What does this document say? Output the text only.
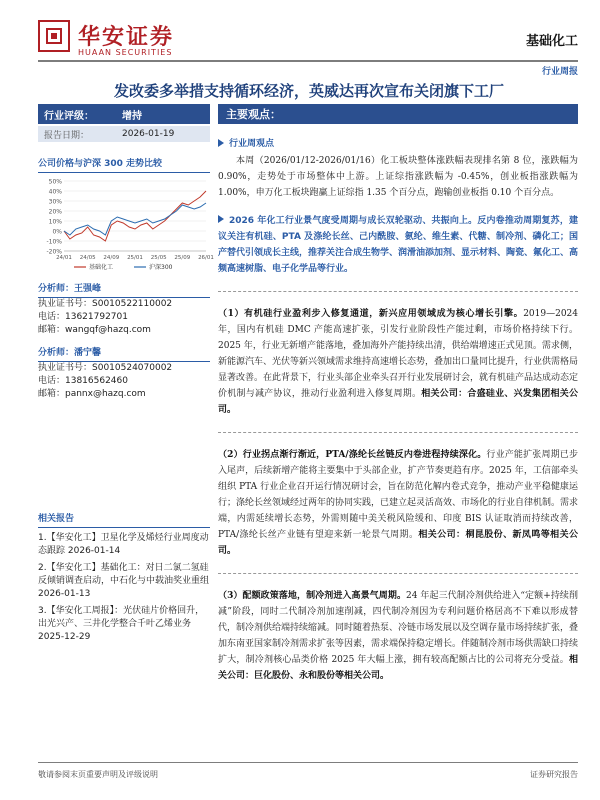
华安证券
HUAAN SECURITIES
基础化工
行业周报
发改委多举措支持循环经济，英威达再次宣布关闭旗下工厂
行业评级：	增持
报告日期：	2026-01-19
公司价格与沪深 300 走势比较
50%
40%
30%
20%
10%
0%
-10%
-20%
24/01 24/05 24/09 25/01 25/05 25/09 26/01
基础化工	沪深300
分析师：王强峰
执业证书号：S0010522110002
电话：13621792701
邮箱：wangqf@hazq.com
分析师：潘宁馨
执业证书号：S0010524070002
电话：13816562460
邮箱：pannx@hazq.com
相关报告
1.【华安化工】卫星化学及烯烃行业周度动态跟踪 2026-01-14
2.【华安化工】基础化工：对日二氯二氢硅反倾销调查启动，中石化与中载油奖业重组 2026-01-13
3.【华安化工周报】：光伏硅片价格回升，出光兴产、三井化学整合千叶乙烯业务 2025-12-29
主要观点：
行业周观点
本周（2026/01/12-2026/01/16）化工板块整体涨跌幅表现排名第 8 位，涨跌幅为 0.90%，走势处于市场整体中上游。上证综指涨跌幅为 -0.45%，创业板指涨跌幅为 1.00%，申万化工板块跑赢上证综指 1.35 个百分点，跑输创业板指 0.10 个百分点。
2026 年化工行业景气度受周期与成长双轮驱动、共振向上。反内卷推动周期复苏，建议关注有机硅、PTA 及涤纶长丝、己内酰胺、氨纶、维生素、代糖、制冷剂、磷化工；国产替代引领成长主线，推荐关注合成生物学、润滑油添加剂、显示材料、陶瓷、氟化工、高频高速树脂、电子化学品等行业。
（1）有机硅行业盈利步入修复通道，新兴应用领域成为核心增长引擎。2019—2024 年，国内有机硅 DMC 产能高速扩张，引发行业阶段性产能过剩，市场价格持续下行。2025 年，行业无新增产能落地，叠加海外产能持续出清，供给端增速正式见顶。需求侧，新能源汽车、光伏等新兴领域需求维持高速增长态势，叠加出口量同比提升，行业供需格局显著改善。在此背景下，行业头部企业牵头召开行业发展研讨会，就有机硅产品达成动态定价机制与减产协议，推动行业盈利进入修复周期。相关公司：合盛硅业、兴发集团相关公司。
（2）行业拐点渐行渐近，PTA/涤纶长丝链反内卷进程持续深化。行业产能扩张周期已步入尾声，后续新增产能将主要集中于头部企业，扩产节奏更趋有序。2025 年，工信部牵头组织 PTA 行业企业召开运行情况研讨会，旨在防范化解内卷式竞争，推动产业平稳健康运行；涤纶长丝领域经过两年的协同实践，已建立起灵活高效、市场化的行业自律机制。需求端，内需延续增长态势，外需则随中美关税风险缓和、印度 BIS 认证取消而持续改善，PTA/涤纶长丝产业链有望迎来新一轮景气周期。相关公司：桐昆股份、新凤鸣等相关公司。
（3）配额政策落地，制冷剂进入高景气周期。24 年起三代制冷剂供给进入“定额+持续削减”阶段，同时二代制冷剂加速削减，四代制冷剂因为专利问题价格居高不下难以形成替代，制冷剂供给端持续缩减。同时随着热泵、冷链市场发展以及空调存量市场持续扩张，叠加东南亚国家制冷剂需求扩张等因素，需求端保持稳定增长。伴随制冷剂市场供需缺口持续扩大，制冷剂核心品类价格 2025 年大幅上涨，拥有较高配额占比的公司将充分受益。相关公司：巨化股份、永和股份等相关公司。
敬请参阅末页重要声明及评级说明	证券研究报告
